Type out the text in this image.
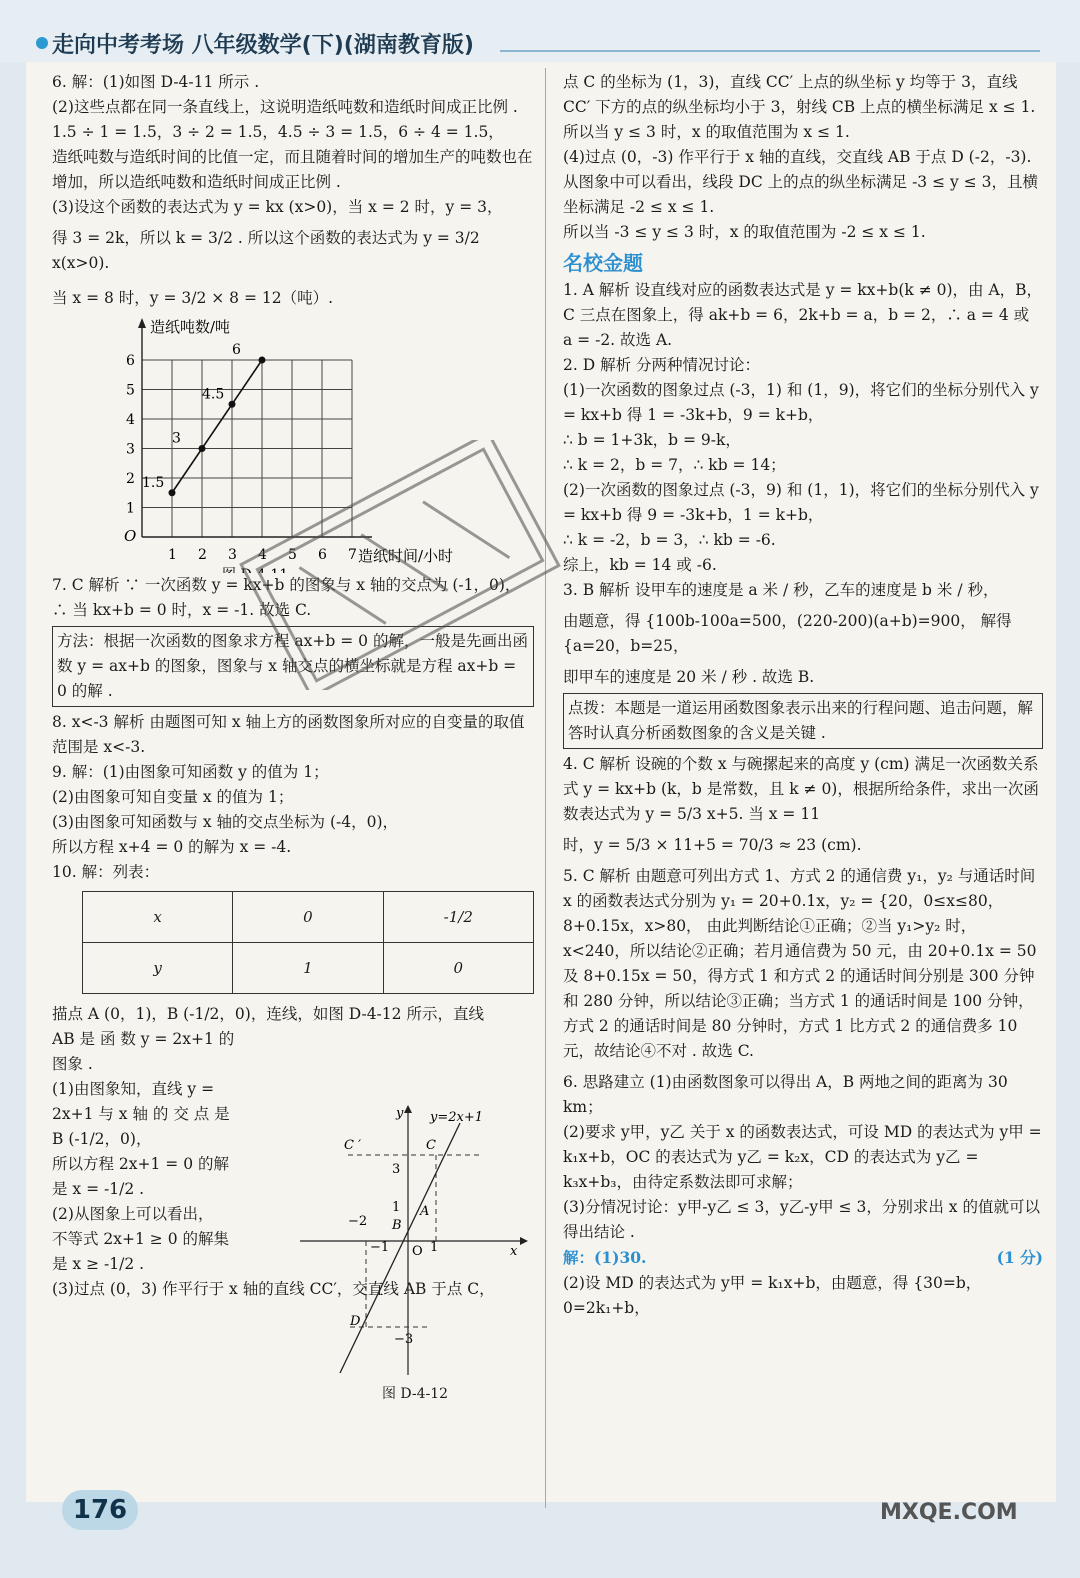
走向中考考场 八年级数学(下)(湖南教育版)

6. 解：(1)如图 D-4-11 所示 .

(2)这些点都在同一条直线上，这说明造纸吨数和造纸时间成正比例 .

1.5 ÷ 1 = 1.5，3 ÷ 2 = 1.5，4.5 ÷ 3 = 1.5，6 ÷ 4 = 1.5，

造纸吨数与造纸时间的比值一定，而且随着时间的增加生产的吨数也在增加，所以造纸吨数和造纸时间成正比例 .

(3)设这个函数的表达式为 y = kx (x>0)，当 x = 2 时，y = 3，

得 3 = 2k，所以 k = 3/2 . 所以这个函数的表达式为 y = 3/2 x(x>0).

当 x = 8 时，y = 3/2 × 8 = 12（吨）.

造纸吨数/吨
造纸时间/小时
O
1 2 3 4 5 6 7
1
2
3
4
5
6
1.5
3
4.5
6

7. C 解析 ∵ 一次函数 y = kx+b 的图象与 x 轴的交点为 (-1，0)，∴ 当 kx+b = 0 时，x = -1. 故选 C.

方法：根据一次函数的图象求方程 ax+b = 0 的解，一般是先画出函数 y = ax+b 的图象，图象与 x 轴交点的横坐标就是方程 ax+b = 0 的解 .

8. x<-3 解析 由题图可知 x 轴上方的函数图象所对应的自变量的取值范围是 x<-3.

9. 解：(1)由图象可知函数 y 的值为 1；

(2)由图象可知自变量 x 的值为 1；

(3)由图象可知函数与 x 轴的交点坐标为 (-4，0)，

所以方程 x+4 = 0 的解为 x = -4.

10. 解：列表：

x	0	-1/2
y	1	0

描点 A (0，1)，B (-1/2，0)，连线，如图 D-4-12 所示，直线

AB 是 函 数 y = 2x+1 的

图象 .

(1)由图象知，直线 y =

2x+1 与 x 轴 的 交 点 是

B (-1/2，0)，

所以方程 2x+1 = 0 的解

是 x = -1/2 .

(2)从图象上可以看出，

不等式 2x+1 ≥ 0 的解集

是 x ≥ -1/2 .

(3)过点 (0，3) 作平行于 x 轴的直线 CC′，交直线 AB 于点 C，

x
y
O
y=2x+1
C ′	C
3
1 A
B
−2
−1	1
−3
D
图 D-4-12

点 C 的坐标为 (1，3)，直线 CC′ 上点的纵坐标 y 均等于 3，直线 CC′ 下方的点的纵坐标均小于 3，射线 CB 上点的横坐标满足 x ≤ 1. 所以当 y ≤ 3 时，x 的取值范围为 x ≤ 1.

(4)过点 (0，-3) 作平行于 x 轴的直线，交直线 AB 于点 D (-2，-3).

从图象中可以看出，线段 DC 上的点的纵坐标满足 -3 ≤ y ≤ 3，且横坐标满足 -2 ≤ x ≤ 1.

所以当 -3 ≤ y ≤ 3 时，x 的取值范围为 -2 ≤ x ≤ 1.

名校金题

1. A 解析 设直线对应的函数表达式是 y = kx+b(k ≠ 0)，由 A，B，C 三点在图象上，得 ak+b = 6，2k+b = a，b = 2，∴ a = 4 或 a = -2. 故选 A.

2. D 解析 分两种情况讨论：

(1)一次函数的图象过点 (-3，1) 和 (1，9)，将它们的坐标分别代入 y = kx+b 得 1 = -3k+b，9 = k+b，

∴ b = 1+3k，b = 9-k，

∴ k = 2，b = 7，∴ kb = 14；

(2)一次函数的图象过点 (-3，9) 和 (1，1)，将它们的坐标分别代入 y = kx+b 得 9 = -3k+b，1 = k+b，

∴ k = -2，b = 3，∴ kb = -6.

综上，kb = 14 或 -6.

3. B 解析 设甲车的速度是 a 米 / 秒，乙车的速度是 b 米 / 秒，

由题意，得 {100b-100a=500，(220-200)(a+b)=900， 解得 {a=20，b=25，

即甲车的速度是 20 米 / 秒 . 故选 B.

点拨：本题是一道运用函数图象表示出来的行程问题、追击问题，解答时认真分析函数图象的含义是关键 .

4. C 解析 设碗的个数 x 与碗摞起来的高度 y (cm) 满足一次函数关系式 y = kx+b (k，b 是常数，且 k ≠ 0)，根据所给条件，求出一次函数表达式为 y = 5/3 x+5. 当 x = 11

时，y = 5/3 × 11+5 = 70/3 ≈ 23 (cm).

5. C 解析 由题意可列出方式 1、方式 2 的通信费 y₁，y₂ 与通话时间 x 的函数表达式分别为 y₁ = 20+0.1x，y₂ = {20，0≤x≤80，8+0.15x，x>80， 由此判断结论①正确；②当 y₁>y₂ 时，x<240，所以结论②正确；若月通信费为 50 元，由 20+0.1x = 50 及 8+0.15x = 50，得方式 1 和方式 2 的通话时间分别是 300 分钟和 280 分钟，所以结论③正确；当方式 1 的通话时间是 100 分钟，方式 2 的通话时间是 80 分钟时，方式 1 比方式 2 的通信费多 10 元，故结论④不对 . 故选 C.

6. 思路建立 (1)由函数图象可以得出 A，B 两地之间的距离为 30 km；

(2)要求 y甲，y乙 关于 x 的函数表达式，可设 MD 的表达式为 y甲 = k₁x+b，OC 的表达式为 y乙 = k₂x，CD 的表达式为 y乙 = k₃x+b₃，由待定系数法即可求解；

(3)分情况讨论：y甲-y乙 ≤ 3，y乙-y甲 ≤ 3，分别求出 x 的值就可以得出结论 .

解：(1)30.	(1 分)

(2)设 MD 的表达式为 y甲 = k₁x+b，由题意，得 {30=b，0=2k₁+b，

176	MXQE.COM
